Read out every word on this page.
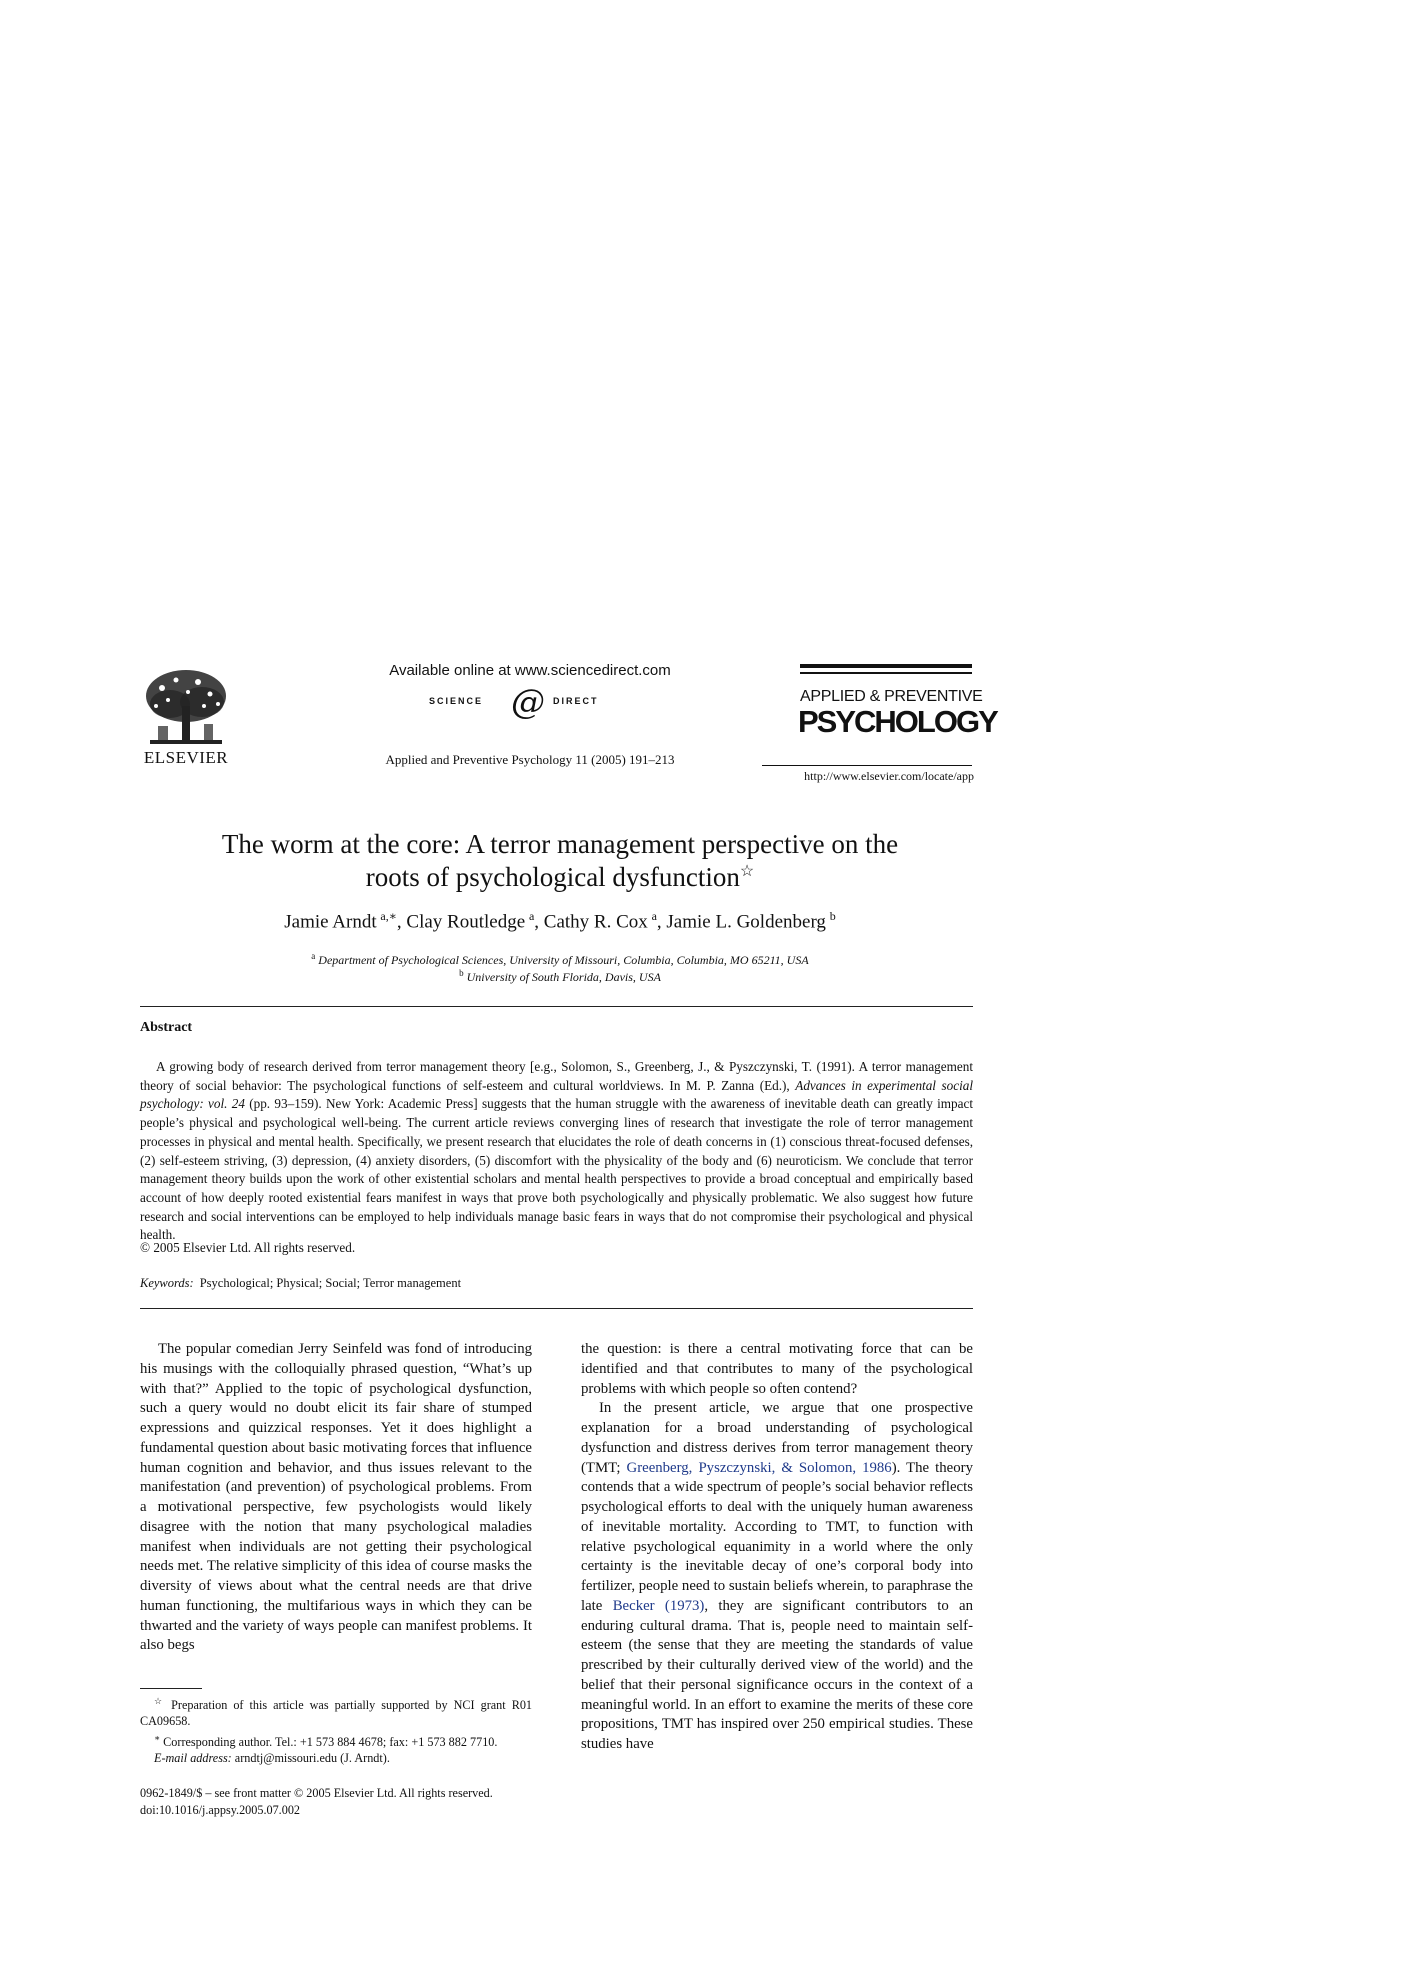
ELSEVIER
Available online at www.sciencedirect.com
SCIENCE @ DIRECT
Applied and Preventive Psychology 11 (2005) 191–213
APPLIED & PREVENTIVE
PSYCHOLOGY
http://www.elsevier.com/locate/app
The worm at the core: A terror management perspective on the
roots of psychological dysfunction☆
Jamie Arndt  $^{a,∗}$, Clay Routledge  $^a$, Cathy R. Cox  $^a$, Jamie L. Goldenberg  $^b$
$^a$ Department of Psychological Sciences, University of Missouri, Columbia, Columbia, MO 65211, USA
$^b$ University of South Florida, Davis, USA
Abstract
A growing body of research derived from terror management theory [e.g., Solomon, S., Greenberg, J., & Pyszczynski, T. (1991). A terror management theory of social behavior: The psychological functions of self-esteem and cultural worldviews. In M. P. Zanna (Ed.), Advances in experimental social psychology: vol. 24 (pp. 93–159). New York: Academic Press] suggests that the human struggle with the awareness of inevitable death can greatly impact people’s physical and psychological well-being. The current article reviews converging lines of research that investigate the role of terror management processes in physical and mental health. Specifically, we present research that elucidates the role of death concerns in (1) conscious threat-focused defenses, (2) self-esteem striving, (3) depression, (4) anxiety disorders, (5) discomfort with the physicality of the body and (6) neuroticism. We conclude that terror management theory builds upon the work of other existential scholars and mental health perspectives to provide a broad conceptual and empirically based account of how deeply rooted existential fears manifest in ways that prove both psychologically and physically problematic. We also suggest how future research and social interventions can be employed to help individuals manage basic fears in ways that do not compromise their psychological and physical health.
© 2005 Elsevier Ltd. All rights reserved.
Keywords: Psychological; Physical; Social; Terror management

The popular comedian Jerry Seinfeld was fond of introducing his musings with the colloquially phrased question, “What’s up with that?” Applied to the topic of psychological dysfunction, such a query would no doubt elicit its fair share of stumped expressions and quizzical responses. Yet it does highlight a fundamental question about basic motivating forces that influence human cognition and behavior, and thus issues relevant to the manifestation (and prevention) of psychological problems. From a motivational perspective, few psychologists would likely disagree with the notion that many psychological maladies manifest when individuals are not getting their psychological needs met. The relative simplicity of this idea of course masks the diversity of views about what the central needs are that drive human functioning, the multifarious ways in which they can be thwarted and the variety of ways people can manifest problems. It also begs

the question: is there a central motivating force that can be identified and that contributes to many of the psychological problems with which people so often contend?

In the present article, we argue that one prospective explanation for a broad understanding of psychological dysfunction and distress derives from terror management theory (TMT; Greenberg, Pyszczynski, & Solomon, 1986). The theory contends that a wide spectrum of people’s social behavior reflects psychological efforts to deal with the uniquely human awareness of inevitable mortality. According to TMT, to function with relative psychological equanimity in a world where the only certainty is the inevitable decay of one’s corporal body into fertilizer, people need to sustain beliefs wherein, to paraphrase the late Becker (1973), they are significant contributors to an enduring cultural drama. That is, people need to maintain self-esteem (the sense that they are meeting the standards of value prescribed by their culturally derived view of the world) and the belief that their personal significance occurs in the context of a meaningful world. In an effort to examine the merits of these core propositions, TMT has inspired over 250 empirical studies. These studies have

☆ Preparation of this article was partially supported by NCI grant R01 CA09658.
∗ Corresponding author. Tel.: +1 573 884 4678; fax: +1 573 882 7710.
E-mail address: arndtj@missouri.edu (J. Arndt).
0962-1849/$ – see front matter © 2005 Elsevier Ltd. All rights reserved.
doi:10.1016/j.appsy.2005.07.002
